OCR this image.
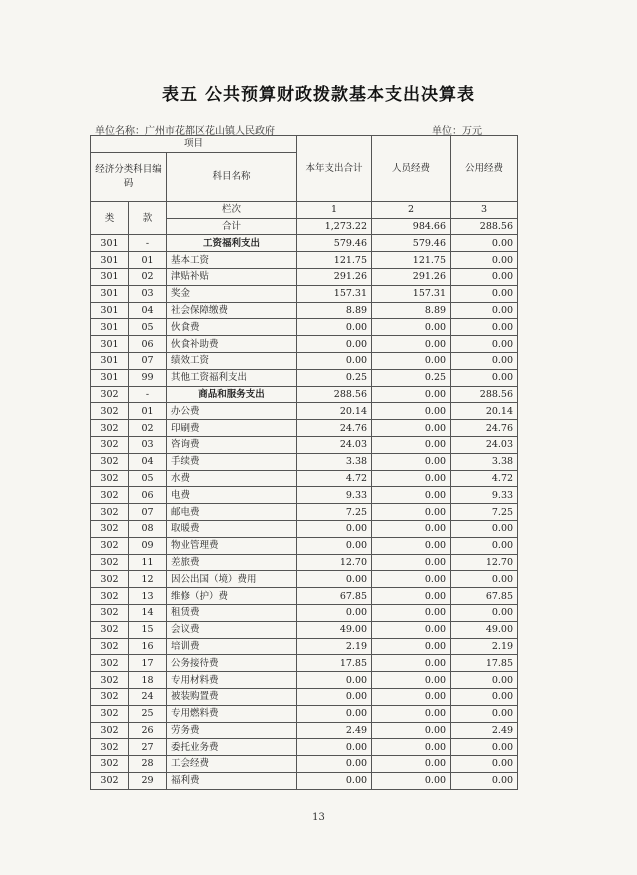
表五 公共预算财政拨款基本支出决算表
单位名称：广州市花都区花山镇人民政府	单位：万元
项目			本年支出合计	人员经费	公用经费
经济分类科目编码		科目名称			
类	款	栏次	1	2	3
		合计	1,273.22	984.66	288.56
301	-	工资福利支出	579.46	579.46	0.00
301	01	基本工资	121.75	121.75	0.00
301	02	津贴补贴	291.26	291.26	0.00
301	03	奖金	157.31	157.31	0.00
301	04	社会保障缴费	8.89	8.89	0.00
301	05	伙食费	0.00	0.00	0.00
301	06	伙食补助费	0.00	0.00	0.00
301	07	绩效工资	0.00	0.00	0.00
301	99	其他工资福利支出	0.25	0.25	0.00
302	-	商品和服务支出	288.56	0.00	288.56
302	01	办公费	20.14	0.00	20.14
302	02	印刷费	24.76	0.00	24.76
302	03	咨询费	24.03	0.00	24.03
302	04	手续费	3.38	0.00	3.38
302	05	水费	4.72	0.00	4.72
302	06	电费	9.33	0.00	9.33
302	07	邮电费	7.25	0.00	7.25
302	08	取暖费	0.00	0.00	0.00
302	09	物业管理费	0.00	0.00	0.00
302	11	差旅费	12.70	0.00	12.70
302	12	因公出国（境）费用	0.00	0.00	0.00
302	13	维修（护）费	67.85	0.00	67.85
302	14	租赁费	0.00	0.00	0.00
302	15	会议费	49.00	0.00	49.00
302	16	培训费	2.19	0.00	2.19
302	17	公务接待费	17.85	0.00	17.85
302	18	专用材料费	0.00	0.00	0.00
302	24	被装购置费	0.00	0.00	0.00
302	25	专用燃料费	0.00	0.00	0.00
302	26	劳务费	2.49	0.00	2.49
302	27	委托业务费	0.00	0.00	0.00
302	28	工会经费	0.00	0.00	0.00
302	29	福利费	0.00	0.00	0.00
13
